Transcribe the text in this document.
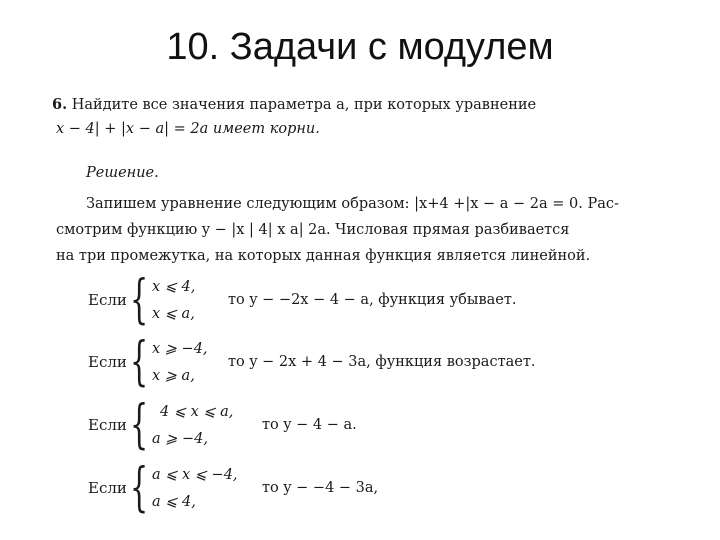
10. Задачи с модулем
6. Найдите все значения параметра a, при которых уравнение
x − 4| + |x − a| = 2a имеет корни.
Решение.
Запишем уравнение следующим образом: |x+4 +|x − a − 2a = 0. Рас-
смотрим функцию y − |x | 4| x a| 2a. Числовая прямая разбивается
на три промежутка, на которых данная функция является линейной.
Если { x ⩽ 4,
x ⩽ a,
то y − −2x − 4 − a, функция убывает.
Если { x ⩾ −4,
x ⩾ a,
то y − 2x + 4 − 3a, функция возрастает.
Если { 4 ⩽ x ⩽ a,
a ⩾ −4,
то y − 4 − a.
Если { a ⩽ x ⩽ −4,
a ⩽ 4,
то y − −4 − 3a,
